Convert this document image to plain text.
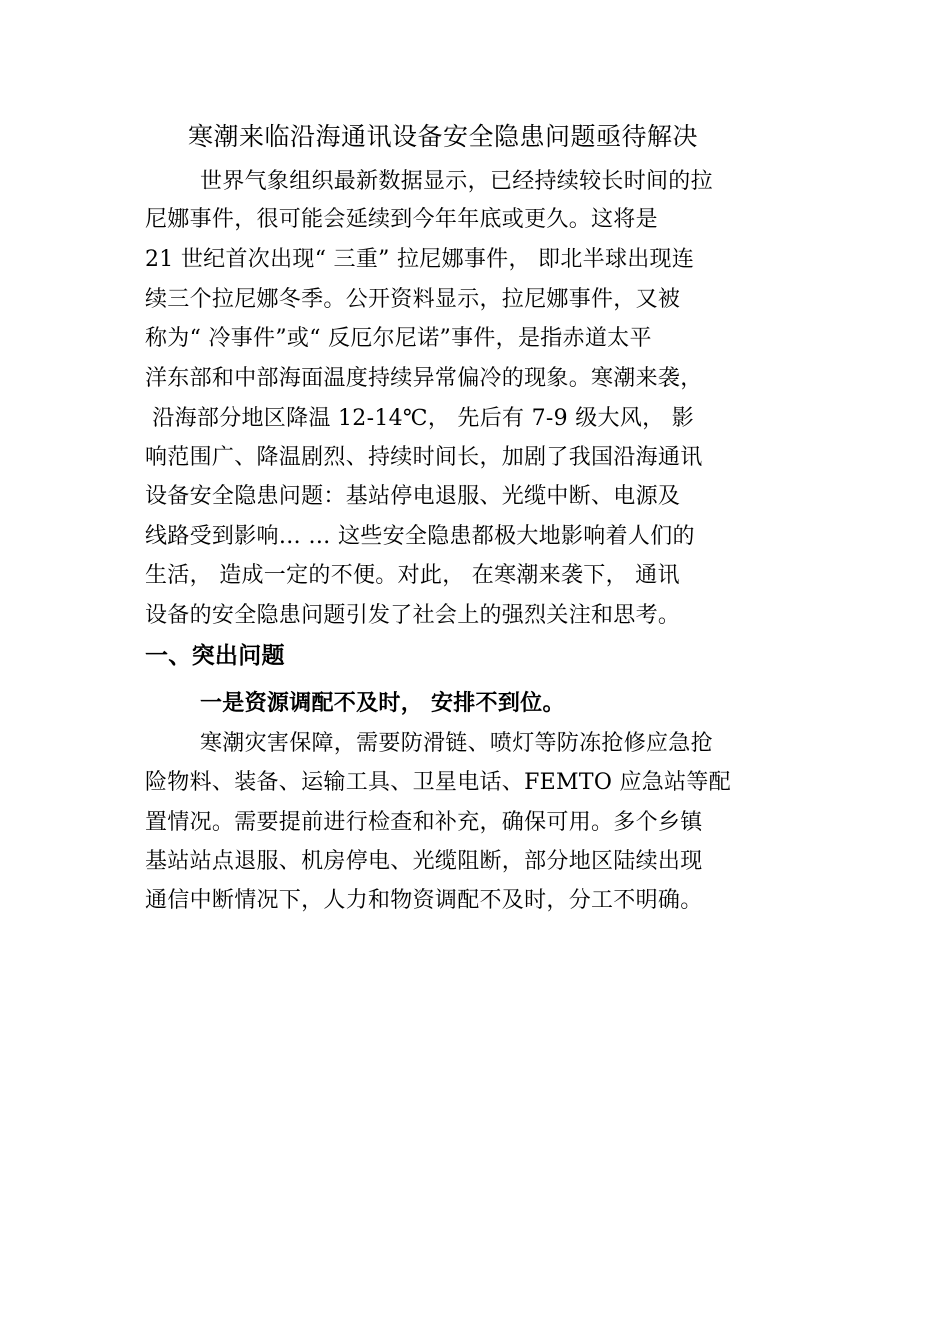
寒潮来临沿海通讯设备安全隐患问题亟待解决
世界气象组织最新数据显示，已经持续较长时间的拉
尼娜事件，很可能会延续到今年年底或更久。这将是
21 世纪首次出现“ 三重” 拉尼娜事件， 即北半球出现连
续三个拉尼娜冬季。公开资料显示，拉尼娜事件，又被
称为“ 冷事件”或“ 反厄尔尼诺”事件，是指赤道太平
洋东部和中部海面温度持续异常偏冷的现象。寒潮来袭，
沿海部分地区降温 12-14℃， 先后有 7-9 级大风， 影
响范围广、降温剧烈、持续时间长，加剧了我国沿海通讯
设备安全隐患问题：基站停电退服、光缆中断、电源及
线路受到影响… … 这些安全隐患都极大地影响着人们的
生活， 造成一定的不便。对此， 在寒潮来袭下， 通讯
设备的安全隐患问题引发了社会上的强烈关注和思考。
一、突出问题
一是资源调配不及时， 安排不到位。
寒潮灾害保障，需要防滑链、喷灯等防冻抢修应急抢
险物料、装备、运输工具、卫星电话、FEMTO 应急站等配
置情况。需要提前进行检查和补充，确保可用。多个乡镇
基站站点退服、机房停电、光缆阻断，部分地区陆续出现
通信中断情况下，人力和物资调配不及时，分工不明确。
